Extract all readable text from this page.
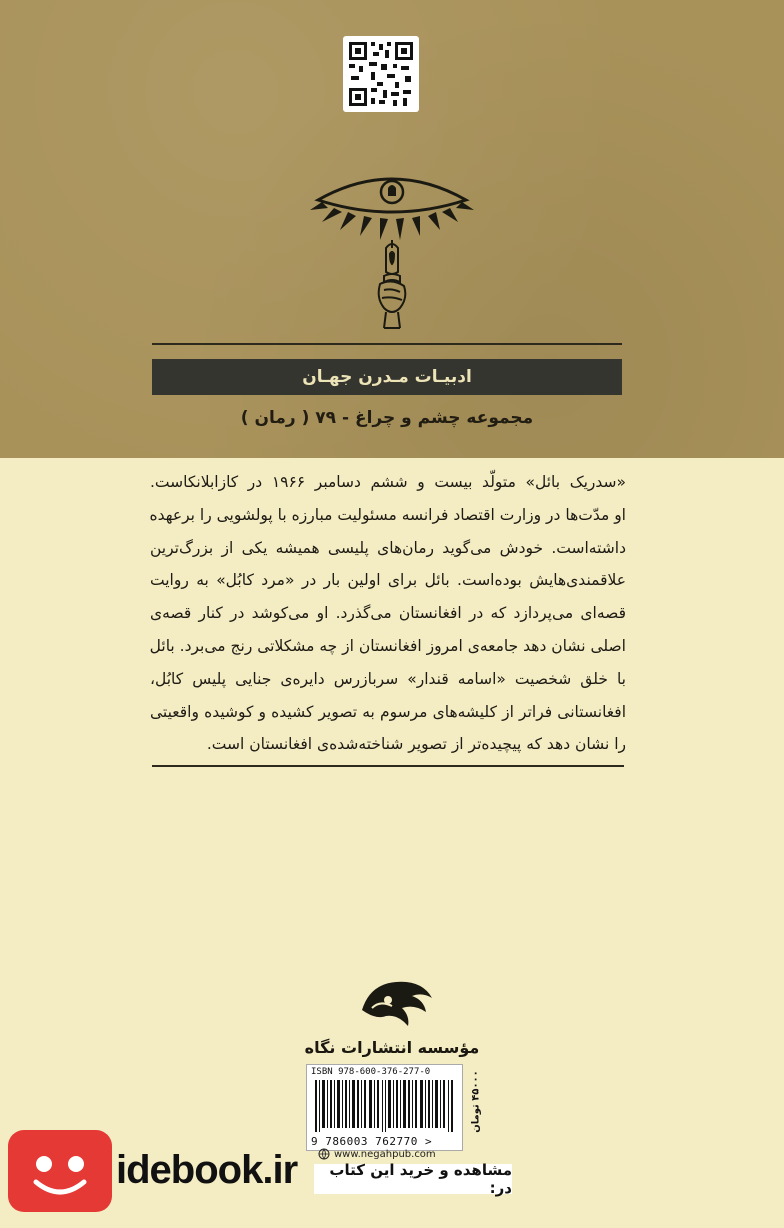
ادبیـات مـدرن جهـان
مجموعه چشم و چراغ - ۷۹ ( رمان )
«سدریک بائل» متولّد بیست و ششم دسامبر ۱۹۶۶ در کازابلانکاست.
او مدّت‌ها در وزارت اقتصاد فرانسه مسئولیت مبارزه با پولشویی را برعهده
داشته‌است. خودش می‌گوید رمان‌های پلیسی همیشه یکی از بزرگ‌ترین
علاقمندی‌هایش بوده‌است. بائل برای اولین بار در «مرد کابُل» به روایت
قصه‌ای می‌پردازد که در افغانستان می‌گذرد. او می‌کوشد در کنار قصه‌ی
اصلی نشان دهد جامعه‌ی امروز افغانستان از چه مشکلاتی رنج می‌برد. بائل
با خلق شخصیت «اسامه قندار» سربازرس دایره‌ی جنایی پلیس کابُل،
افغانستانی فراتر از کلیشه‌های مرسوم به تصویر کشیده و کوشیده واقعیتی
را نشان دهد که پیچیده‌تر از تصویر شناخته‌شده‌ی افغانستان است.
مؤسسه انتشارات نگاه
ISBN 978-600-376-277-0
9 786003 762770 >
۴۵۰۰۰ تومان
www.negahpub.com
idebook.ir	مشاهده و خرید این کتاب در:
